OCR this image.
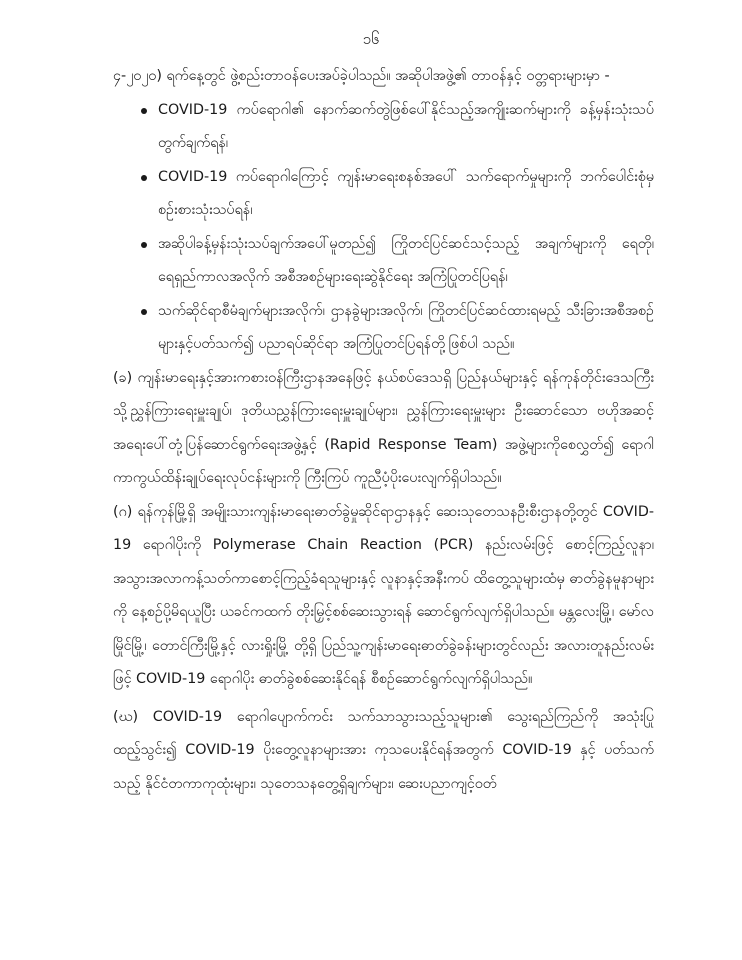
၁၆

၄-၂၀၂၀) ရက်နေ့တွင် ဖွဲ့စည်းတာဝန်ပေးအပ်ခဲ့ပါသည်။ အဆိုပါအဖွဲ့၏ တာဝန်နှင့် ဝတ္တရားများမှာ -

COVID-19 ကပ်ရောဂါ၏ နောက်ဆက်တွဲဖြစ်ပေါ်နိုင်သည့်အကျိုးဆက်များကို ခန့်မှန်းသုံးသပ်တွက်ချက်ရန်၊
COVID-19 ကပ်ရောဂါကြောင့် ကျန်းမာရေးစနစ်အပေါ် သက်ရောက်မှုများကို ဘက်ပေါင်းစုံမှ စဉ်းစားသုံးသပ်ရန်၊
အဆိုပါခန့်မှန်းသုံးသပ်ချက်အပေါ်မူတည်၍ ကြိုတင်ပြင်ဆင်သင့်သည့် အချက်များကို ရေတို၊ ရေရှည်ကာလအလိုက် အစီအစဉ်များရေးဆွဲနိုင်ရေး အကြံပြုတင်ပြရန်၊
သက်ဆိုင်ရာစီမံချက်များအလိုက်၊ ဌာနခွဲများအလိုက်၊ ကြိုတင်ပြင်ဆင်ထားရမည့် သီးခြားအစီအစဉ်များနှင့်ပတ်သက်၍ ပညာရပ်ဆိုင်ရာ အကြံပြုတင်ပြရန်တို့ဖြစ်ပါ သည်။

(ခ) ကျန်းမာရေးနှင့်အားကစားဝန်ကြီးဌာနအနေဖြင့် နယ်စပ်ဒေသရှိ ပြည်နယ်များနှင့် ရန်ကုန်တိုင်းဒေသကြီးသို့ညွှန်ကြားရေးမှူးချုပ်၊ ဒုတိယညွှန်ကြားရေးမှူးချုပ်များ၊ ညွှန်ကြားရေးမှူးများ ဦးဆောင်သော ဗဟိုအဆင့် အရေးပေါ်တုံ့ပြန်ဆောင်ရွက်ရေးအဖွဲ့နှင့် (Rapid Response Team) အဖွဲ့များကိုစေလွှတ်၍ ရောဂါကာကွယ်ထိန်းချုပ်ရေးလုပ်ငန်းများကို ကြီးကြပ် ကူညီပံ့ပိုးပေးလျက်ရှိပါသည်။

(ဂ) ရန်ကုန်မြို့ရှိ အမျိုးသားကျန်းမာရေးဓာတ်ခွဲမှုဆိုင်ရာဌာနနှင့် ဆေးသုတေသနဦးစီးဌာနတို့တွင် COVID-19 ရောဂါပိုးကို Polymerase Chain Reaction (PCR) နည်းလမ်းဖြင့် စောင့်ကြည့်လူနာ၊ အသွားအလာကန့်သတ်ကာစောင့်ကြည့်ခံရသူများနှင့် လူနာနှင့်အနီးကပ် ထိတွေ့သူများထံမှ ဓာတ်ခွဲနမူနာများကို နေ့စဉ်ပို့မိရယူပြီး ယခင်ကထက် တိုးမြှင့်စစ်ဆေးသွားရန် ဆောင်ရွက်လျက်ရှိပါသည်။ မန္တလေးမြို့၊ မော်လမြိုင်မြို့၊ တောင်ကြီးမြို့နှင့် လားရှိုးမြို့ တို့ရှိ ပြည်သူ့ကျန်းမာရေးဓာတ်ခွဲခန်းများတွင်လည်း အလားတူနည်းလမ်းဖြင့် COVID-19 ရောဂါပိုး ဓာတ်ခွဲစစ်ဆေးနိုင်ရန် စီစဉ်ဆောင်ရွက်လျက်ရှိပါသည်။

(ဃ) COVID-19 ရောဂါပျောက်ကင်း သက်သာသွားသည့်သူများ၏ သွေးရည်ကြည်ကို အသုံးပြုထည့်သွင်း၍ COVID-19 ပိုးတွေ့လူနာများအား ကုသပေးနိုင်ရန်အတွက် COVID-19 နှင့် ပတ်သက်သည့် နိုင်ငံတကာကုထုံးများ၊ သုတေသနတွေ့ရှိချက်များ၊ ဆေးပညာကျင့်ဝတ်
